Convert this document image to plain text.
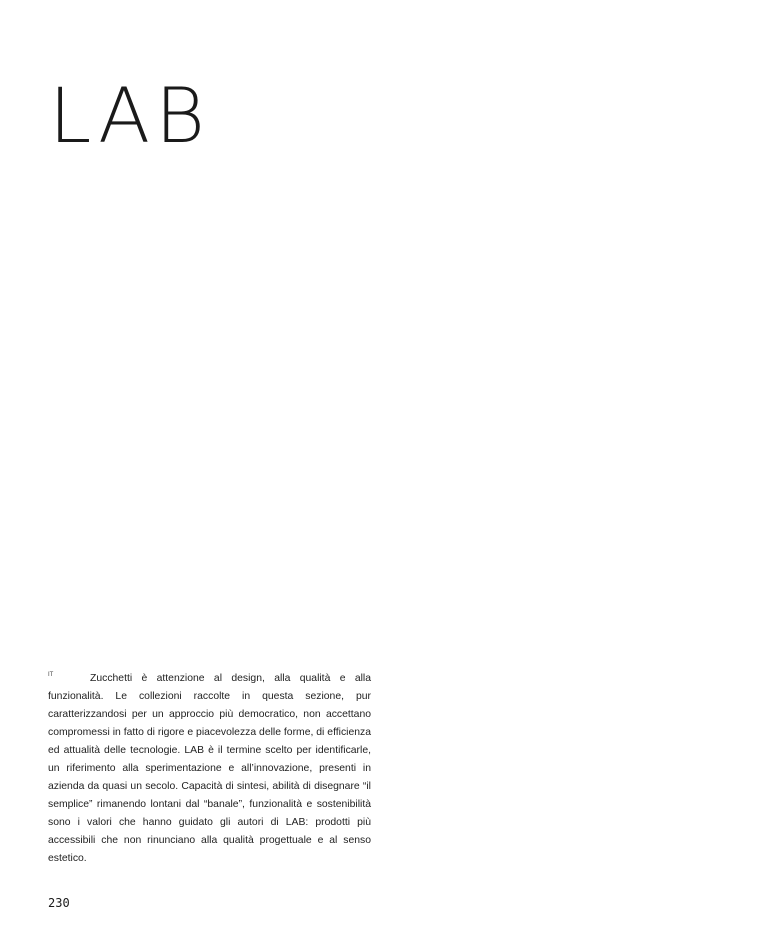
LAB
IT	Zucchetti è attenzione al design, alla qualità e alla funzionalità. Le collezioni raccolte in questa sezione, pur caratterizzandosi per un approccio più democratico, non accettano compromessi in fatto di rigore e piacevolezza delle forme, di efficienza ed attualità delle tecnologie. LAB è il termine scelto per identificarle, un riferimento alla sperimentazione e all’innovazione, presenti in azienda da quasi un secolo. Capacità di sintesi, abilità di disegnare “il semplice” rimanendo lontani dal “banale”, funzionalità e sostenibilità sono i valori che hanno guidato gli autori di LAB: prodotti più accessibili che non rinunciano alla qualità progettuale e al senso estetico.

230
